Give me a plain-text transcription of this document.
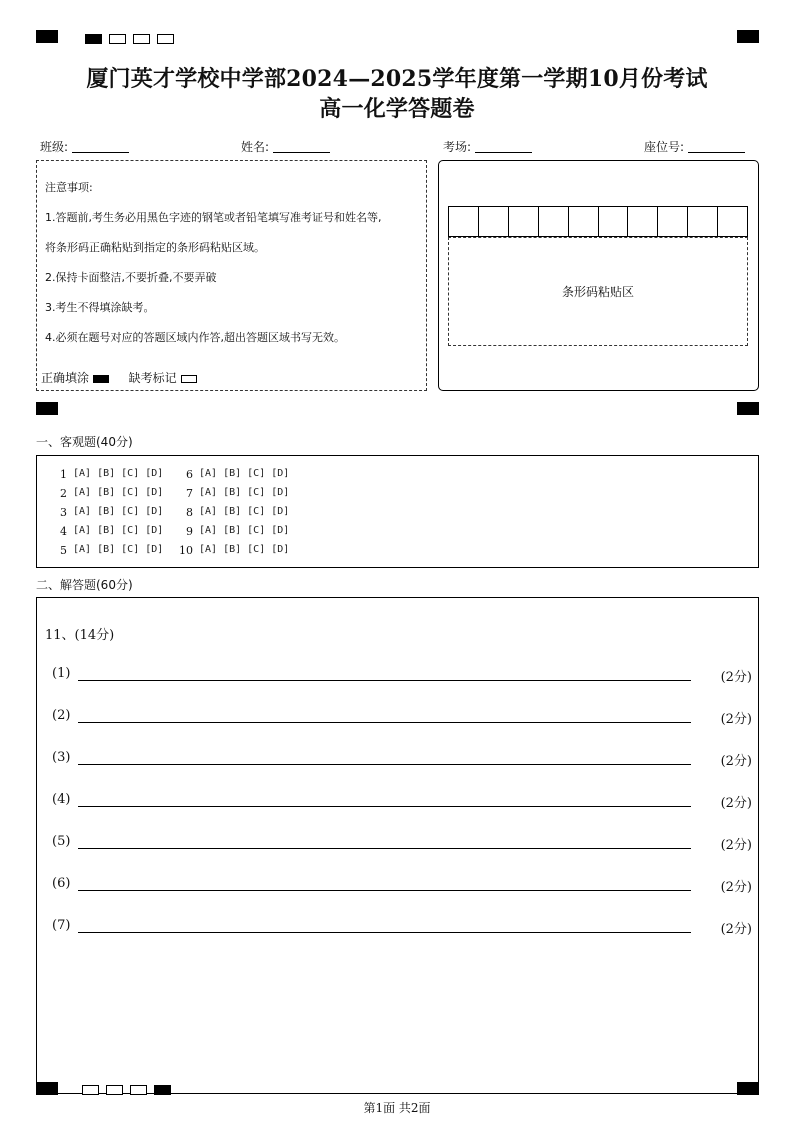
厦门英才学校中学部2024—2025学年度第一学期10月份考试
高一化学答题卷
班级:	姓名:	考场:	座位号:
注意事项:
1.答题前,考生务必用黑色字迹的钢笔或者铅笔填写准考证号和姓名等,
将条形码正确粘贴到指定的条形码粘贴区域。
2.保持卡面整洁,不要折叠,不要弄破
3.考生不得填涂缺考。
4.必须在题号对应的答题区域内作答,超出答题区域书写无效。
正确填涂	缺考标记
条形码粘贴区
一、客观题(40分)
1 [A] [B] [C] [D]
2 [A] [B] [C] [D]
3 [A] [B] [C] [D]
4 [A] [B] [C] [D]
5 [A] [B] [C] [D]
6 [A] [B] [C] [D]
7 [A] [B] [C] [D]
8 [A] [B] [C] [D]
9 [A] [B] [C] [D]
10 [A] [B] [C] [D]
二、解答题(60分)
11、(14分)
(1)	(2分)
(2)	(2分)
(3)	(2分)
(4)	(2分)
(5)	(2分)
(6)	(2分)
(7)	(2分)
第1面 共2面
